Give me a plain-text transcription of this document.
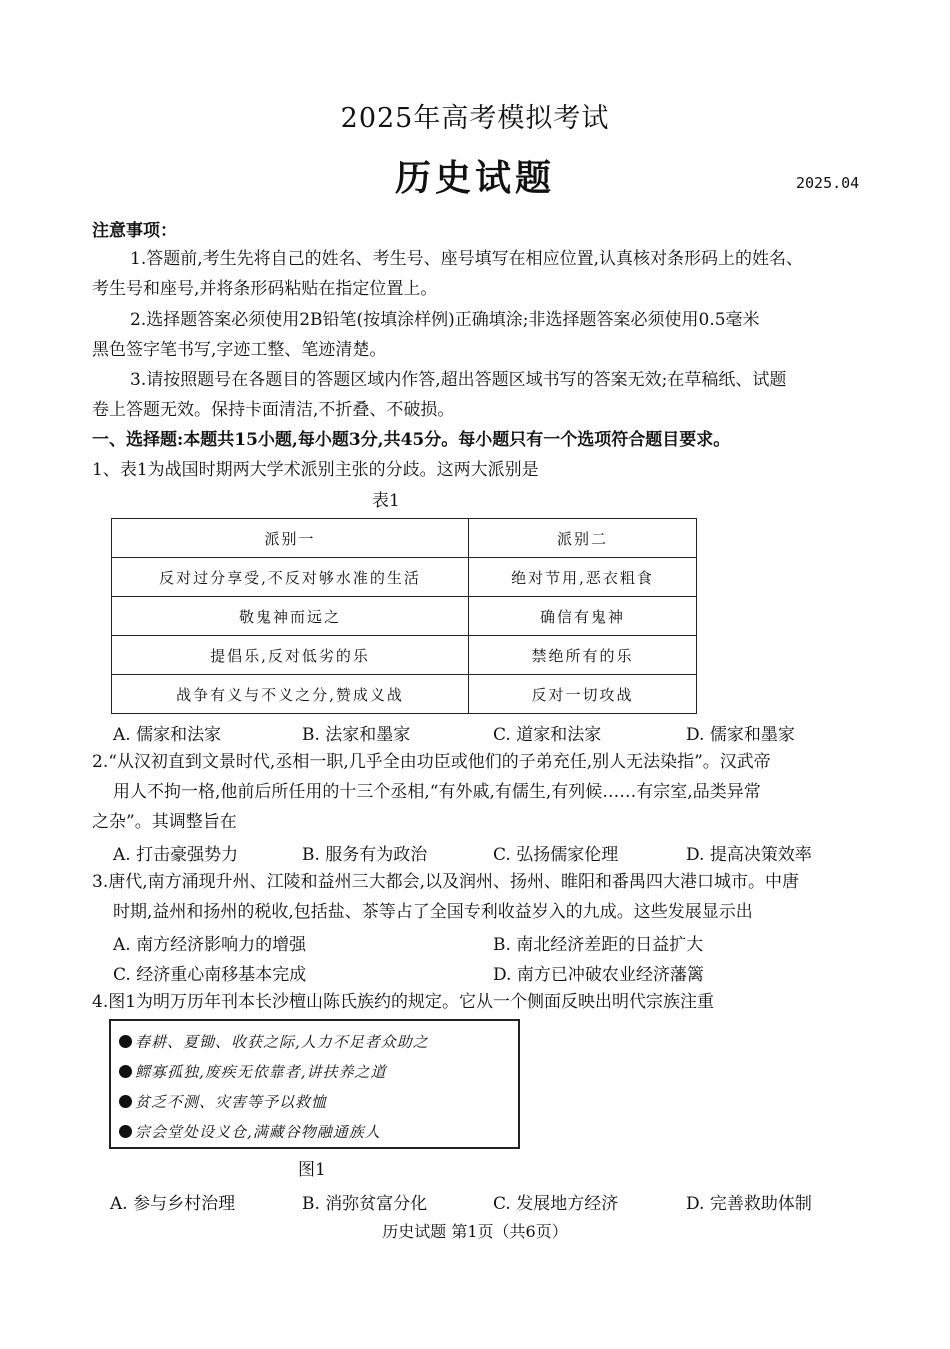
2025年高考模拟考试
历史试题	2025.04
注意事项：
1.答题前,考生先将自己的姓名、考生号、座号填写在相应位置,认真核对条形码上的姓名、
考生号和座号,并将条形码粘贴在指定位置上。
2.选择题答案必须使用2B铅笔(按填涂样例)正确填涂;非选择题答案必须使用0.5毫米
黑色签字笔书写,字迹工整、笔迹清楚。
3.请按照题号在各题目的答题区域内作答,超出答题区域书写的答案无效;在草稿纸、试题
卷上答题无效。保持卡面清洁,不折叠、不破损。
一、选择题:本题共15小题,每小题3分,共45分。每小题只有一个选项符合题目要求。
1、表1为战国时期两大学术派别主张的分歧。这两大派别是
表1
派别一	派别二
反对过分享受,不反对够水准的生活	绝对节用,恶衣粗食
敬鬼神而远之	确信有鬼神
提倡乐,反对低劣的乐	禁绝所有的乐
战争有义与不义之分,赞成义战	反对一切攻战
A. 儒家和法家	B. 法家和墨家	C. 道家和法家	D. 儒家和墨家
2.“从汉初直到文景时代,丞相一职,几乎全由功臣或他们的子弟充任,别人无法染指”。汉武帝
用人不拘一格,他前后所任用的十三个丞相,“有外戚,有儒生,有列候……有宗室,品类异常
之杂”。其调整旨在
A. 打击豪强势力	B. 服务有为政治	C. 弘扬儒家伦理	D. 提高决策效率
3.唐代,南方涌现升州、江陵和益州三大都会,以及润州、扬州、睢阳和番禺四大港口城市。中唐
时期,益州和扬州的税收,包括盐、茶等占了全国专利收益岁入的九成。这些发展显示出
A. 南方经济影响力的增强	B. 南北经济差距的日益扩大
C. 经济重心南移基本完成	D. 南方已冲破农业经济藩篱
4.图1为明万历年刊本长沙檀山陈氏族约的规定。它从一个侧面反映出明代宗族注重
春耕、夏锄、收获之际,人力不足者众助之
鳏寡孤独,废疾无依靠者,讲扶养之道
贫乏不测、灾害等予以救恤
宗会堂处设义仓,满藏谷物融通族人
图1
A. 参与乡村治理	B. 消弥贫富分化	C. 发展地方经济	D. 完善救助体制
历史试题 第1页（共6页）
